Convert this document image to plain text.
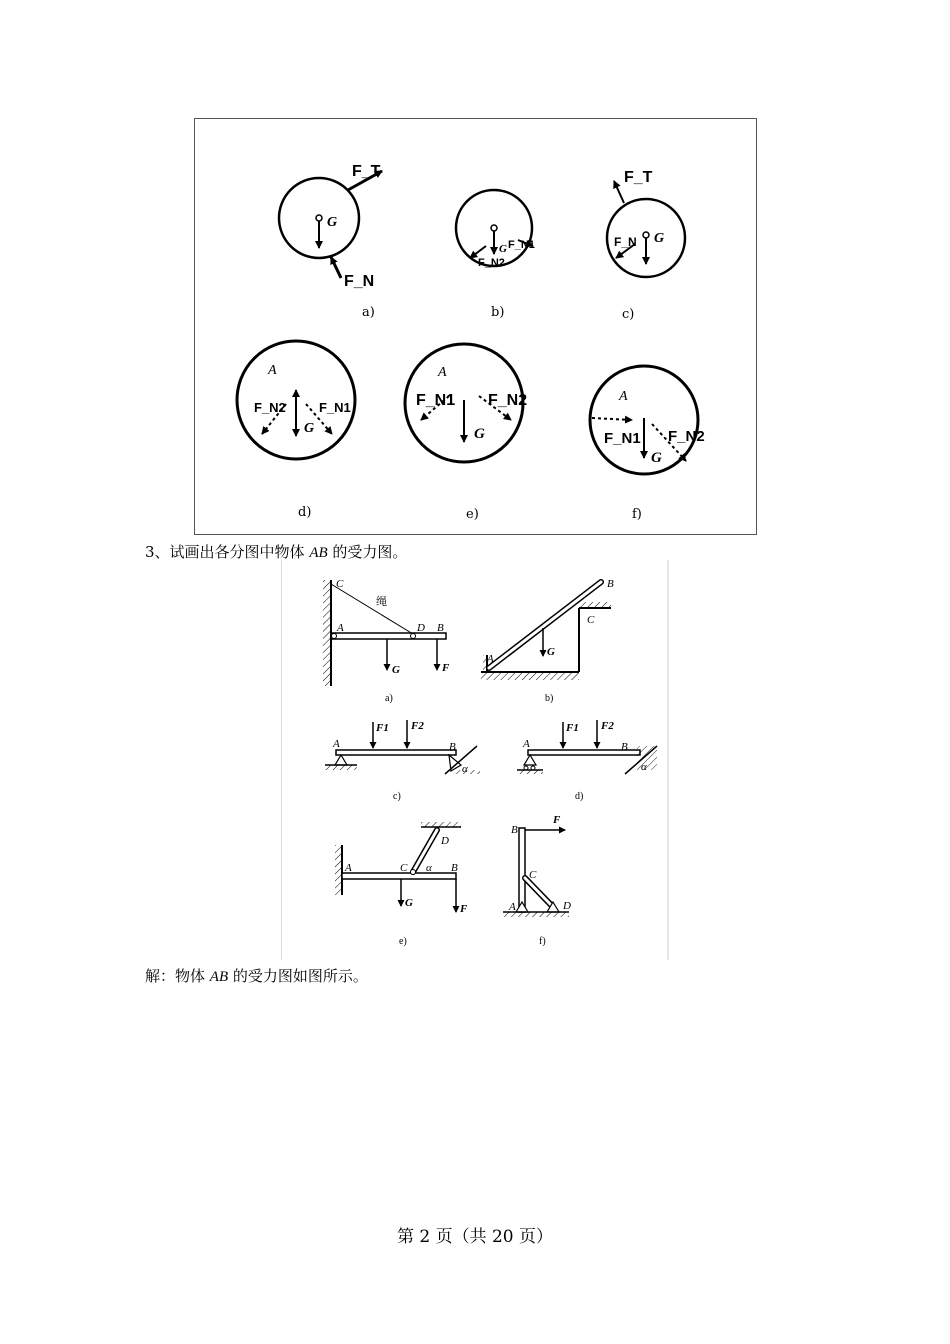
F_T
G
F_N
a)
F_N2
G F_N1
b)
F_T
F_N G
c)
A
F_N2	F_N1
G
d)
A
F_N1 F_N2
G
e)
A
F_N1 F_N2
G
f)
3、试画出各分图中物体 AB 的受力图。
C
绳
A	D B
G	F
a)
B
C
A
G
b)
A
F1 F2
B
α
c)
A
F1 F2
B
α
d)
A
D
C α B
G	F
e)
B
F
C
A	D
f)
解：物体 AB 的受力图如图所示。
第 2 页（共 20 页）
